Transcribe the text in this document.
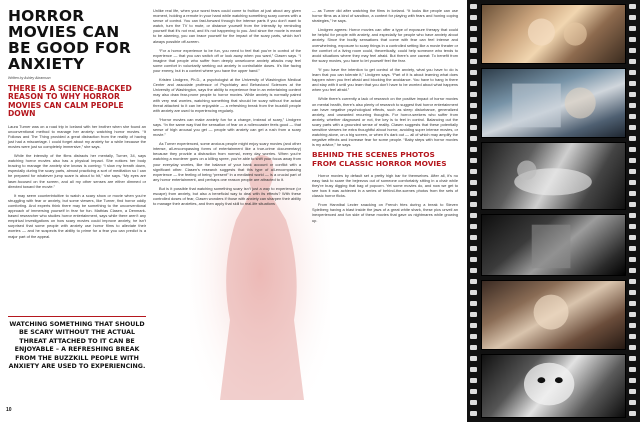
HORROR MOVIES CAN BE GOOD FOR ANXIETY
Written by Ashley Abramson
THERE IS A SCIENCE-BACKED REASON TO WHY HORROR MOVIES CAN CALM PEOPLE DOWN

Laura Turner was on a road trip in Iceland with her brother when she found an unconventional method to manage her anxiety: watching horror movies. “It Follows and The Thing provided a great distraction from the reality of having just had a miscarriage. I could forget about my anxiety for a while because the movies were just so completely immersive,” she says.

While the intensity of the films distracts her mentally, Turner, 34, says watching horror movies also has a physical impact. She notices her body bracing to manage the anxiety she knows is coming: “I slow my breath down, especially during the scary parts, almost practicing a sort of meditation so I can be prepared for whatever jump scare is about to hit,” she says. “My eyes are laser-focused on the screen, and all my other senses are either dimmed or directed toward the movie.”

It may seem counterintuitive to watch a scary show or movie when you’re struggling with fear or anxiety, but some viewers, like Turner, find horror oddly comforting. And experts think there may be something to the unconventional approach of immersing yourself in fear for fun. Mathias Clasen, a Denmark-based researcher who studies horror entertainment, says while there aren’t any empirical investigations on how scary movies could improve anxiety, he isn’t surprised that some people with anxiety use horror films to alleviate their worries — and he suspects the ability to prime for a fear you can predict is a major part of the appeal.

WATCHING SOMETHING THAT SHOULD BE SCARY WITHOUT THE ACTUAL THREAT ATTACHED TO IT CAN BE ENJOYABLE – A REFRESHING BREAK FROM THE BUZZKILL PEOPLE WITH ANXIETY ARE USED TO EXPERIENCING.
10

Unlike real life, when your worst fears could come to fruition at just about any given moment, holding a remote in your hand while watching something scary comes with a sense of control. You can fast-forward through the intense parts if you don’t want to watch, turn the TV to mute, or distance yourself from the intensity by reminding yourself that it’s not real, and it’s not happening to you. And since the movie is meant to be alarming, you can brace yourself for the impact of the scary parts, which isn’t always possible off-screen.

“For a horror experience to be fun, you need to feel that you’re in control of the experience — that you can switch off or look away when you want,” Clasen says. “I imagine that people who suffer from deeply unwelcome anxiety attacks may feel some comfort in voluntarily seeking out anxiety in controllable doses. It’s like facing your enemy, but in a context where you have the upper hand.”

Kristen Lindgren, Ph.D., a psychologist at the University of Washington Medical Center and associate professor of Psychiatry and Behavioral Sciences at the University of Washington, says the ability to experience fear in an entertaining context may also draw fear-prone people to horror movies. While anxiety is normally paired with very real worries, watching something that should be scary without the actual threat attached to it can be enjoyable — a refreshing break from the buzzkill people with anxiety are used to experiencing regularly.

“Horror movies can make anxiety fun for a change, instead of scary,” Lindgren says. “In the same way that the sensation of fear on a rollercoaster feels good — that sense of high arousal you get — people with anxiety can get a rush from a scary movie.”

As Turner experienced, some anxious people might enjoy scary movies (and other intense, all-encompassing forms of entertainment like a true-crime documentary) because they provide a distraction from normal, every day worries. When you’re watching a murderer goes on a killing spree, you’re able to shift your focus away from your everyday worries, like the balance of your bank account or conflict with a significant other. Clasen’s research suggests that this type of all-encompassing experience — the feeling of being “present” in a mediated world — is a crucial part of any horror entertainment, and perhaps one reason people are attracted to it.

But is it possible that watching something scary isn’t just a way to experience (or escape) from anxiety, but also a beneficial way to deal with its effects? With these controlled doses of fear, Clasen wonders if those with anxiety can sharpen their ability to manage their anxieties, and then apply that skill to real-life situations

— as Turner did after watching the films in Iceland. “It looks like people can use horror films as a kind of sandbox, a context for playing with fears and honing coping strategies,” he says.

Lindgren agrees: Horror movies can offer a type of exposure therapy that could be helpful for people with anxiety, and especially for people who have anxiety about anxiety. Since the bodily sensations that come with fear can feel intense and overwhelming, exposure to scary things in a controlled setting like a movie theater or the comfort of a living room could, theoretically, could help someone who tends to avoid situations where they may feel afraid. But there’s one caveat: To benefit from the scary movies, you have to let yourself feel the fear.

“If you have the intention to get control of the anxiety, what you have to do is learn that you can tolerate it,” Lindgren says. “Part of it is about learning what does happen when you feel afraid and blocking the avoidance. You have to hang in there and stay with it until you learn that you don’t have to be worried about what happens when you feel afraid.”

While there’s currently a lack of research on the positive impact of horror movies on mental health, there’s also plenty of research to suggest that horror entertainment can have negative psychological effects, such as sleep disturbance, generalized anxiety, and unwanted recurring thoughts. For horror-seekers who suffer from anxiety, whether diagnosed or not, the key is to feel in control. Balancing out the scary parts with a grounded sense of reality. Clasen suggests that these potentially sensitive viewers be extra thoughtful about horror, avoiding super intense movies, or watching alone, on a big screen, or when it’s dark out — all of which may amplify the negative effects and increase fear for some people. “Baby steps with horror movies is my advice,” he says.

BEHIND THE SCENES PHOTOS FROM CLASSIC HORROR MOVIES

Horror movies by default set a pretty high bar for themselves. After all, it’s no easy task to scare the bejeezus out of someone comfortably sitting in a chair while they’re busy digging that bag of popcorn. Yet some movies do, and now we get to see how it was achieved in a series of behind-the-scenes photos from the sets of classic horror flicks.

From Hannibal Lecter snacking on French fries during a break to Steven Spielberg having a blast inside the jaws of a great white shark, these pics unveil an inexperienced and fun side of these movies that gave us nightmares while growing up.
